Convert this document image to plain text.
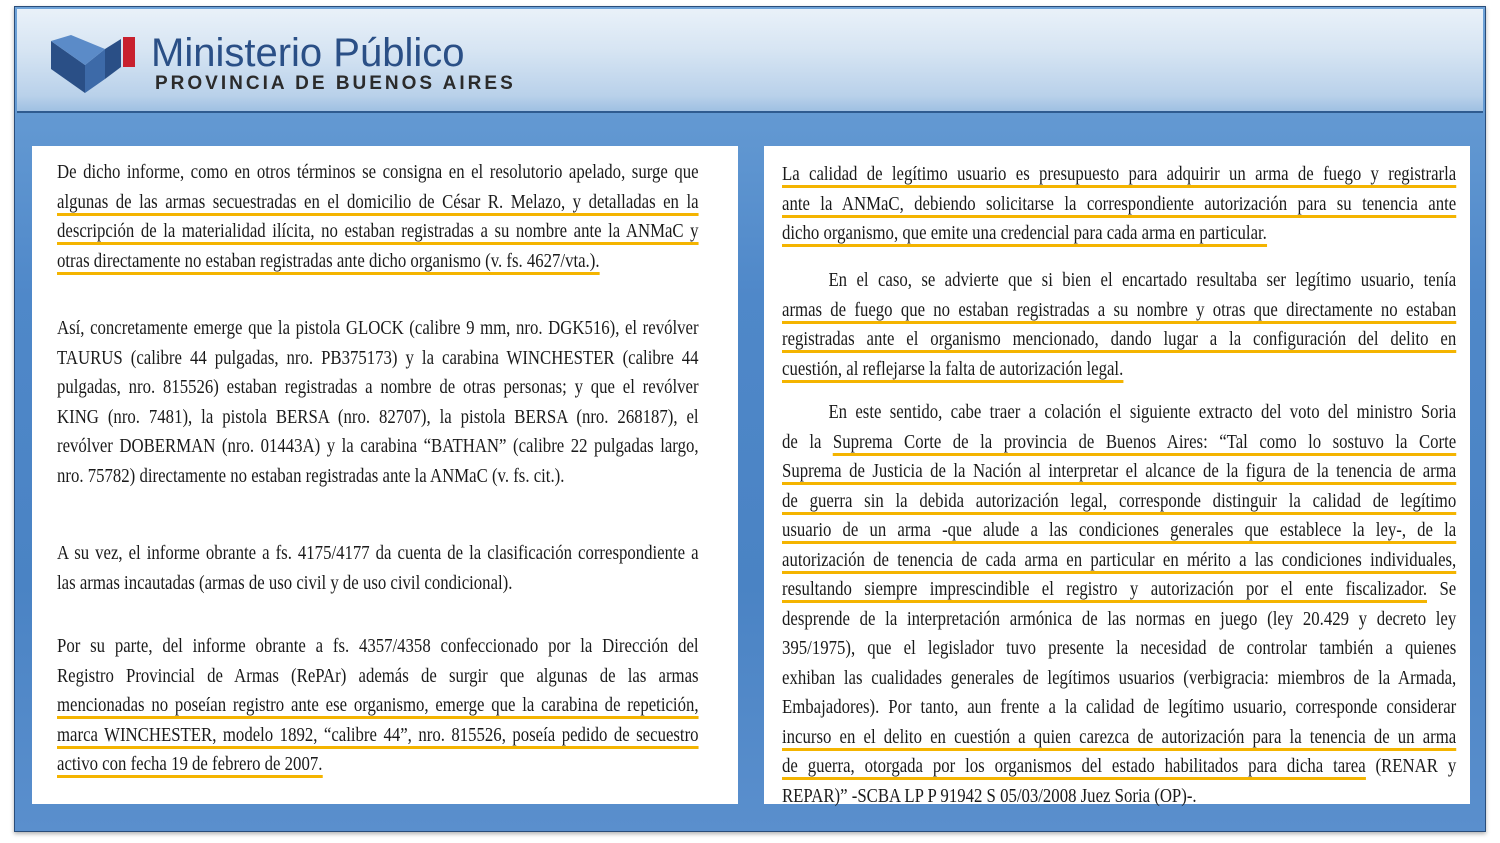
Ministerio Público
PROVINCIA DE BUENOS AIRES
De dicho informe, como en otros términos se consigna en el resolutorio apelado, surge que
algunas de las armas secuestradas en el domicilio de César R. Melazo, y detalladas en la
descripción de la materialidad ilícita, no estaban registradas a su nombre ante la ANMaC y
otras directamente no estaban registradas ante dicho organismo (v. fs. 4627/vta.).
Así, concretamente emerge que la pistola GLOCK (calibre 9 mm, nro. DGK516), el revólver
TAURUS (calibre 44 pulgadas, nro. PB375173) y la carabina WINCHESTER (calibre 44
pulgadas, nro. 815526) estaban registradas a nombre de otras personas; y que el revólver
KING (nro. 7481), la pistola BERSA (nro. 82707), la pistola BERSA (nro. 268187), el
revólver DOBERMAN (nro. 01443A) y la carabina “BATHAN” (calibre 22 pulgadas largo,
nro. 75782) directamente no estaban registradas ante la ANMaC (v. fs. cit.).
A su vez, el informe obrante a fs. 4175/4177 da cuenta de la clasificación correspondiente a
las armas incautadas (armas de uso civil y de uso civil condicional).
Por su parte, del informe obrante a fs. 4357/4358 confeccionado por la Dirección del
Registro Provincial de Armas (RePAr) además de surgir que algunas de las armas
mencionadas no poseían registro ante ese organismo, emerge que la carabina de repetición,
marca WINCHESTER, modelo 1892, “calibre 44”, nro. 815526, poseía pedido de secuestro
activo con fecha 19 de febrero de 2007.
La calidad de legítimo usuario es presupuesto para adquirir un arma de fuego y registrarla
ante la ANMaC, debiendo solicitarse la correspondiente autorización para su tenencia ante
dicho organismo, que emite una credencial para cada arma en particular.
En el caso, se advierte que si bien el encartado resultaba ser legítimo usuario, tenía
armas de fuego que no estaban registradas a su nombre y otras que directamente no estaban
registradas ante el organismo mencionado, dando lugar a la configuración del delito en
cuestión, al reflejarse la falta de autorización legal.
En este sentido, cabe traer a colación el siguiente extracto del voto del ministro Soria
de la Suprema Corte de la provincia de Buenos Aires: “Tal como lo sostuvo la Corte
Suprema de Justicia de la Nación al interpretar el alcance de la figura de la tenencia de arma
de guerra sin la debida autorización legal, corresponde distinguir la calidad de legítimo
usuario de un arma -que alude a las condiciones generales que establece la ley-, de la
autorización de tenencia de cada arma en particular en mérito a las condiciones individuales,
resultando siempre imprescindible el registro y autorización por el ente fiscalizador. Se
desprende de la interpretación armónica de las normas en juego (ley 20.429 y decreto ley
395/1975), que el legislador tuvo presente la necesidad de controlar también a quienes
exhiban las cualidades generales de legítimos usuarios (verbigracia: miembros de la Armada,
Embajadores). Por tanto, aun frente a la calidad de legítimo usuario, corresponde considerar
incurso en el delito en cuestión a quien carezca de autorización para la tenencia de un arma
de guerra, otorgada por los organismos del estado habilitados para dicha tarea (RENAR y
REPAR)” -SCBA LP P 91942 S 05/03/2008 Juez Soria (OP)-.
